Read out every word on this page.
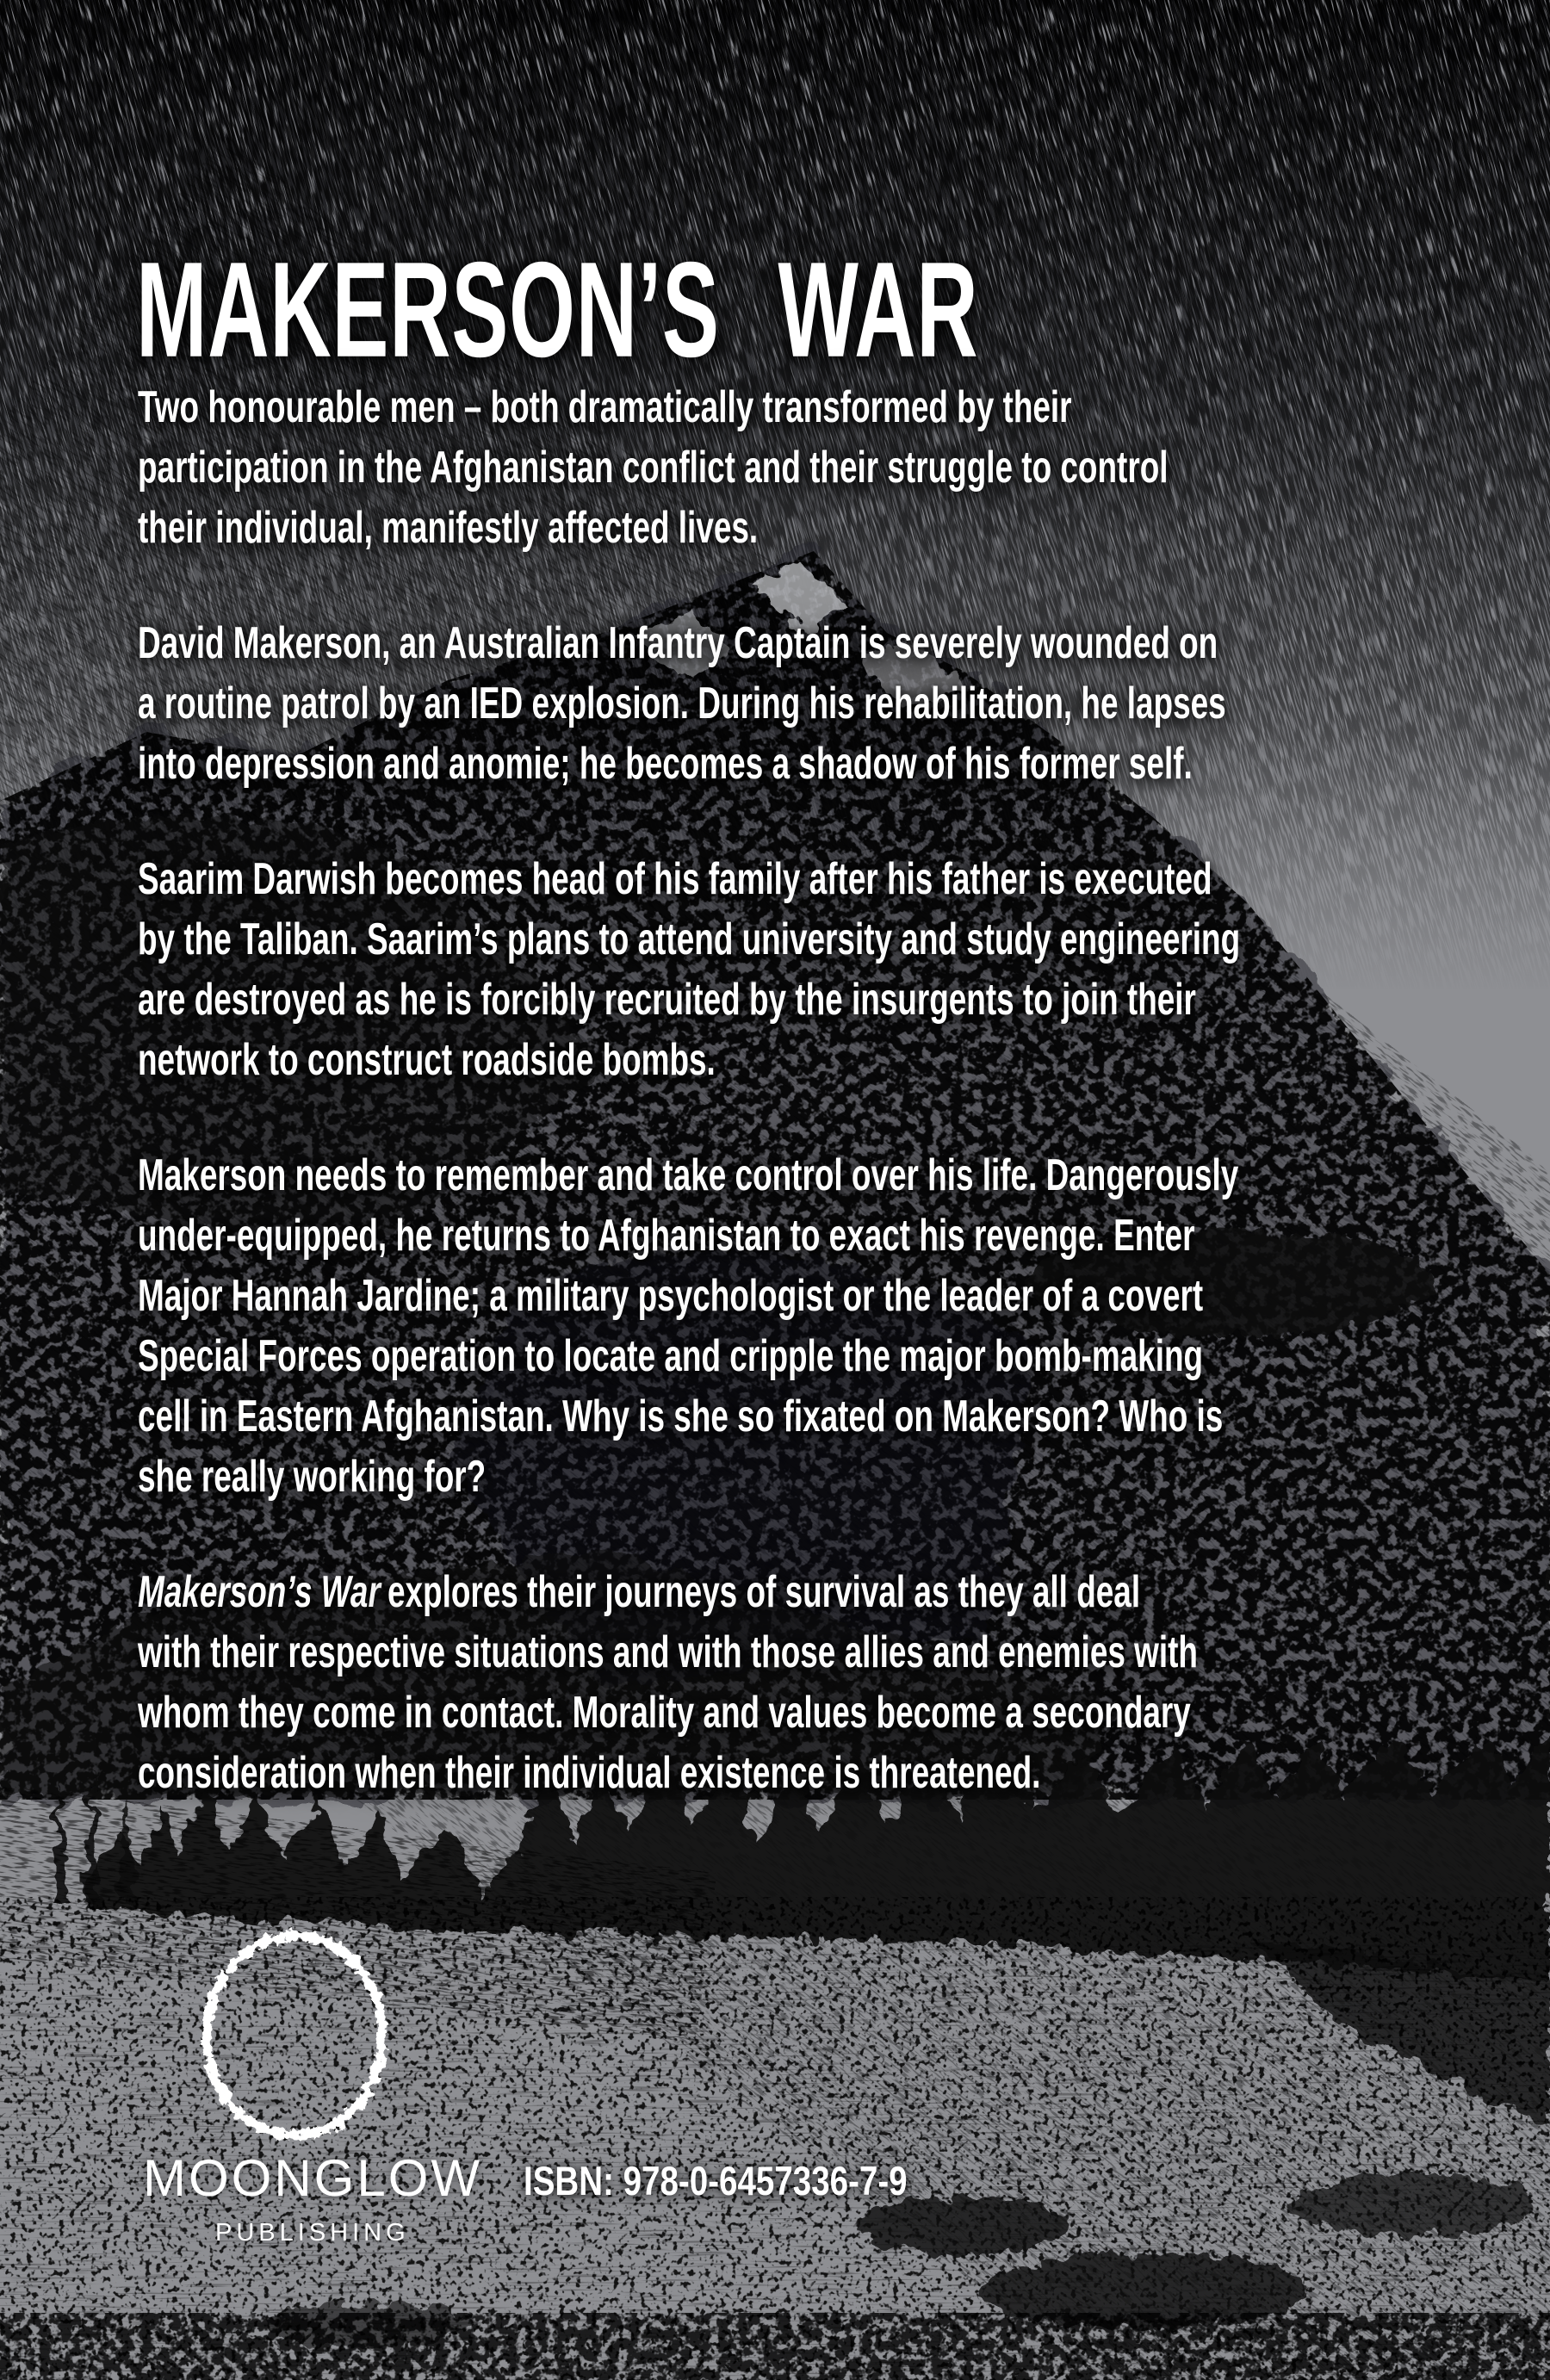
MAKERSON’S WAR

Two honourable men – both dramatically transformed by their
participation in the Afghanistan conflict and their struggle to control
their individual, manifestly affected lives.

David Makerson, an Australian Infantry Captain is severely wounded on
a routine patrol by an IED explosion. During his rehabilitation, he lapses
into depression and anomie; he becomes a shadow of his former self.

Saarim Darwish becomes head of his family after his father is executed
by the Taliban. Saarim’s plans to attend university and study engineering
are destroyed as he is forcibly recruited by the insurgents to join their
network to construct roadside bombs.

Makerson needs to remember and take control over his life. Dangerously
under-equipped, he returns to Afghanistan to exact his revenge. Enter
Major Hannah Jardine; a military psychologist or the leader of a covert
Special Forces operation to locate and cripple the major bomb-making
cell in Eastern Afghanistan. Why is she so fixated on Makerson? Who is
she really working for?

Makerson’s War explores their journeys of survival as they all deal
with their respective situations and with those allies and enemies with
whom they come in contact. Morality and values become a secondary
consideration when their individual existence is threatened.

MOONGLOW
PUBLISHING
ISBN: 978-0-6457336-7-9
